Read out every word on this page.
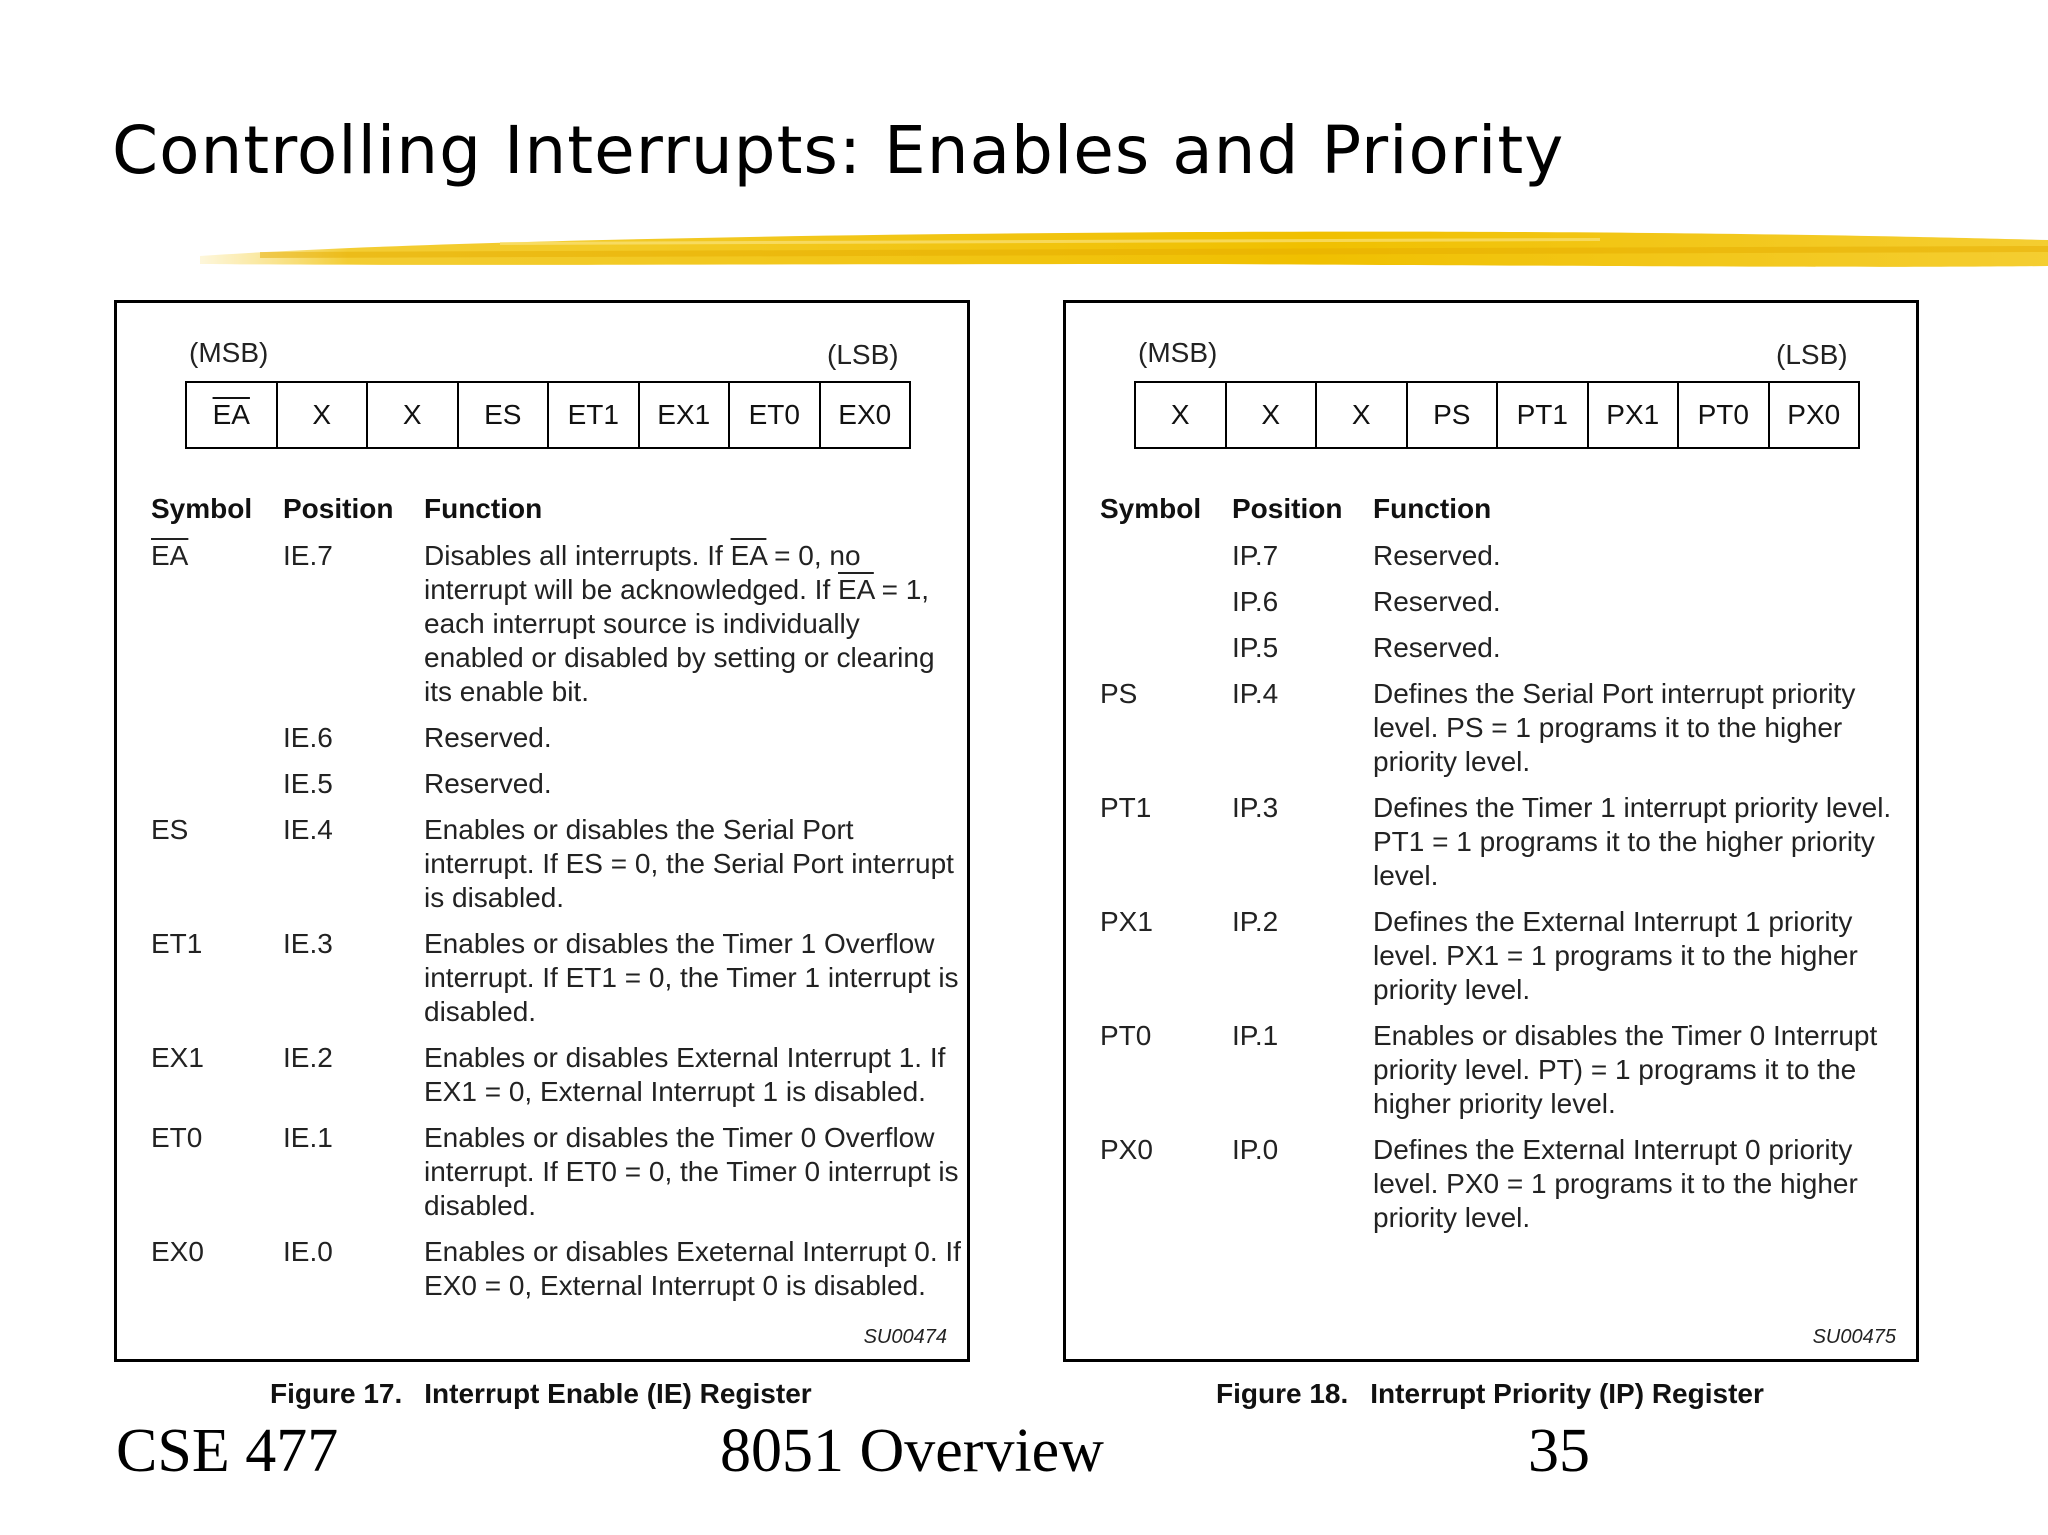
Controlling Interrupts: Enables and Priority
(MSB)	(LSB)
$\overline{EA}$	X	X	ES	ET1	EX1	ET0	EX0
Symbol Position Function
$\overline{EA}$	IE.7	Disables all interrupts. If $\overline{EA} = 0$, no interrupt will be acknowledged. If $\overline{EA} = 1$, each interrupt source is individually enabled or disabled by setting or clearing its enable bit.
IE.6	Reserved.
IE.5	Reserved.
ES	IE.4	Enables or disables the Serial Port interrupt. If ES = 0, the Serial Port interrupt is disabled.
ET1	IE.3	Enables or disables the Timer 1 Overflow interrupt. If ET1 = 0, the Timer 1 interrupt is disabled.
EX1	IE.2	Enables or disables External Interrupt 1. If EX1 = 0, External Interrupt 1 is disabled.
ET0	IE.1	Enables or disables the Timer 0 Overflow interrupt. If ET0 = 0, the Timer 0 interrupt is disabled.
EX0	IE.0	Enables or disables Exeternal Interrupt 0. If EX0 = 0, External Interrupt 0 is disabled.
SU00474
(MSB)	(LSB)
X	X	X	PS	PT1	PX1	PT0	PX0
Symbol Position Function
IP.7	Reserved.
IP.6	Reserved.
IP.5	Reserved.
PS	IP.4	Defines the Serial Port interrupt priority level. PS = 1 programs it to the higher priority level.
PT1	IP.3	Defines the Timer 1 interrupt priority level. PT1 = 1 programs it to the higher priority level.
PX1	IP.2	Defines the External Interrupt 1 priority level. PX1 = 1 programs it to the higher priority level.
PT0	IP.1	Enables or disables the Timer 0 Interrupt priority level. PT) = 1 programs it to the higher priority level.
PX0	IP.0	Defines the External Interrupt 0 priority level. PX0 = 1 programs it to the higher priority level.
SU00475
Figure 17. Interrupt Enable (IE) Register	Figure 18. Interrupt Priority (IP) Register
CSE 477	8051 Overview	35
